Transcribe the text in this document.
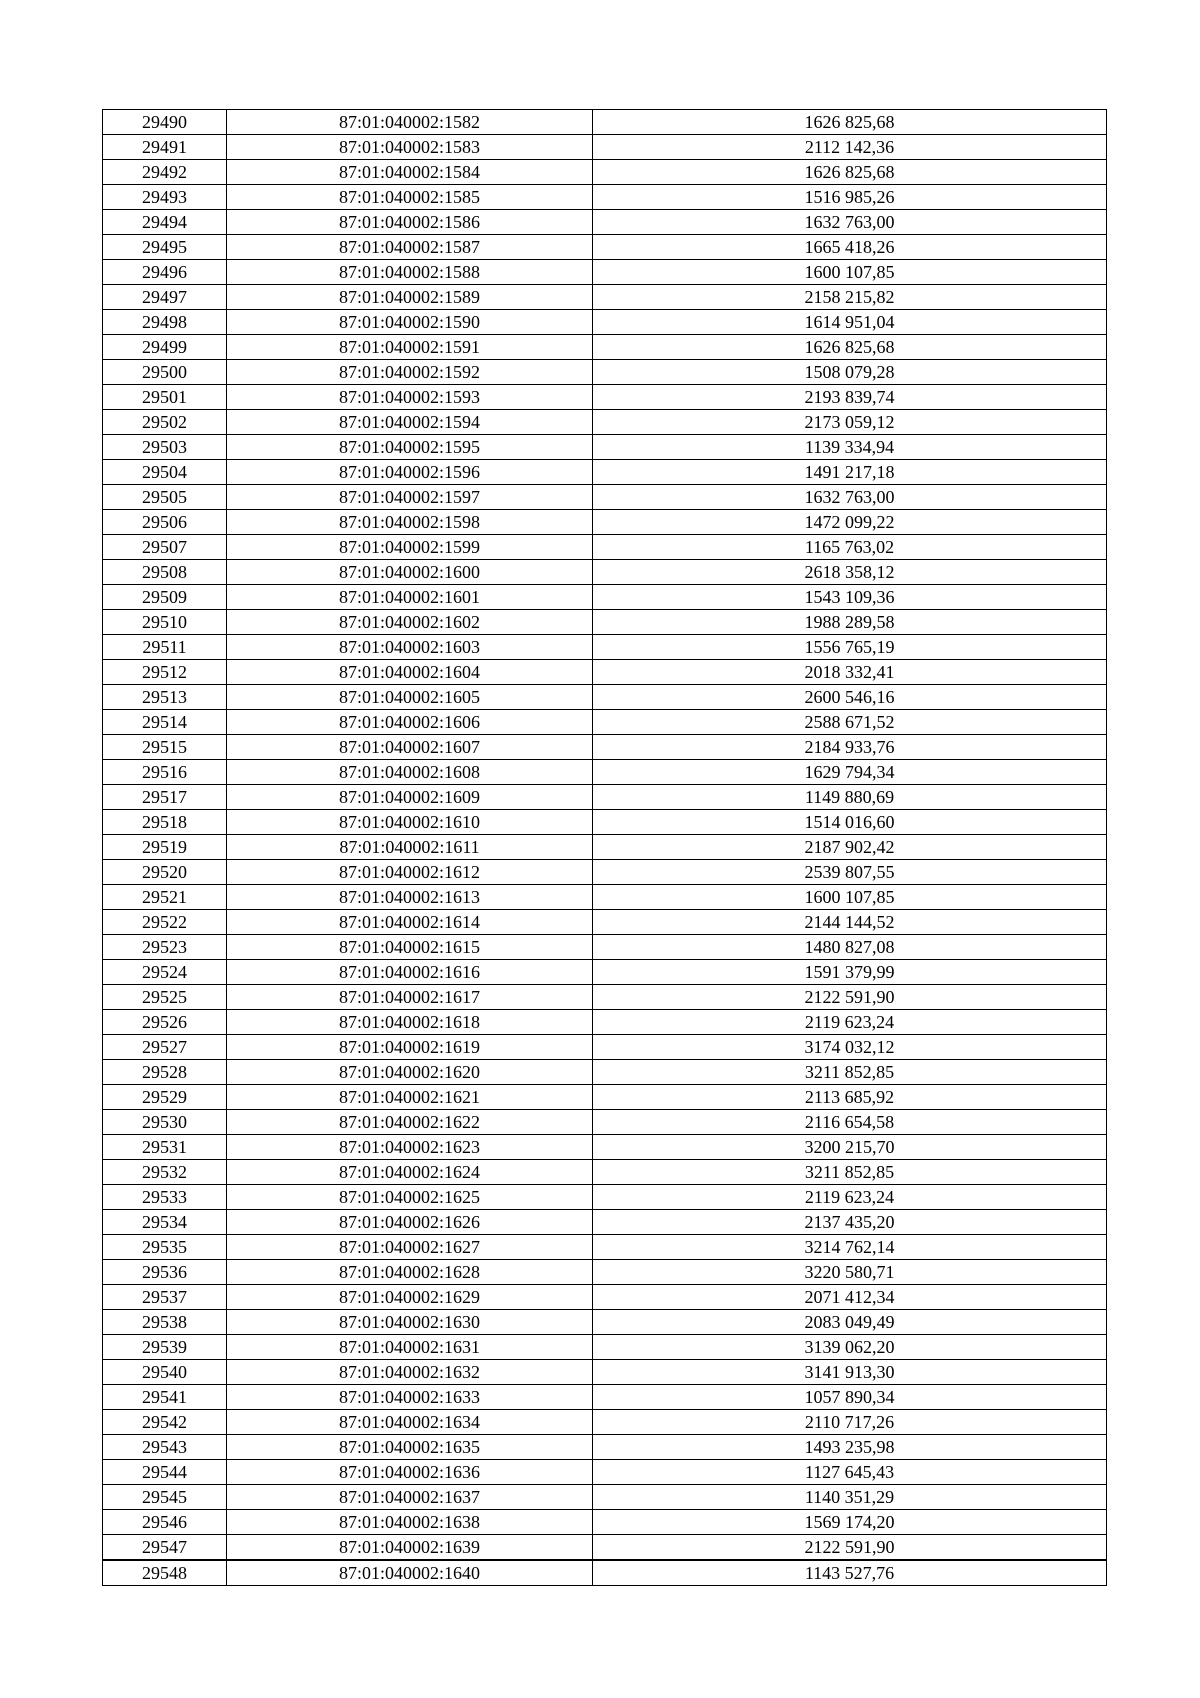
29490	87:01:040002:1582	1626 825,68
29491	87:01:040002:1583	2112 142,36
29492	87:01:040002:1584	1626 825,68
29493	87:01:040002:1585	1516 985,26
29494	87:01:040002:1586	1632 763,00
29495	87:01:040002:1587	1665 418,26
29496	87:01:040002:1588	1600 107,85
29497	87:01:040002:1589	2158 215,82
29498	87:01:040002:1590	1614 951,04
29499	87:01:040002:1591	1626 825,68
29500	87:01:040002:1592	1508 079,28
29501	87:01:040002:1593	2193 839,74
29502	87:01:040002:1594	2173 059,12
29503	87:01:040002:1595	1139 334,94
29504	87:01:040002:1596	1491 217,18
29505	87:01:040002:1597	1632 763,00
29506	87:01:040002:1598	1472 099,22
29507	87:01:040002:1599	1165 763,02
29508	87:01:040002:1600	2618 358,12
29509	87:01:040002:1601	1543 109,36
29510	87:01:040002:1602	1988 289,58
29511	87:01:040002:1603	1556 765,19
29512	87:01:040002:1604	2018 332,41
29513	87:01:040002:1605	2600 546,16
29514	87:01:040002:1606	2588 671,52
29515	87:01:040002:1607	2184 933,76
29516	87:01:040002:1608	1629 794,34
29517	87:01:040002:1609	1149 880,69
29518	87:01:040002:1610	1514 016,60
29519	87:01:040002:1611	2187 902,42
29520	87:01:040002:1612	2539 807,55
29521	87:01:040002:1613	1600 107,85
29522	87:01:040002:1614	2144 144,52
29523	87:01:040002:1615	1480 827,08
29524	87:01:040002:1616	1591 379,99
29525	87:01:040002:1617	2122 591,90
29526	87:01:040002:1618	2119 623,24
29527	87:01:040002:1619	3174 032,12
29528	87:01:040002:1620	3211 852,85
29529	87:01:040002:1621	2113 685,92
29530	87:01:040002:1622	2116 654,58
29531	87:01:040002:1623	3200 215,70
29532	87:01:040002:1624	3211 852,85
29533	87:01:040002:1625	2119 623,24
29534	87:01:040002:1626	2137 435,20
29535	87:01:040002:1627	3214 762,14
29536	87:01:040002:1628	3220 580,71
29537	87:01:040002:1629	2071 412,34
29538	87:01:040002:1630	2083 049,49
29539	87:01:040002:1631	3139 062,20
29540	87:01:040002:1632	3141 913,30
29541	87:01:040002:1633	1057 890,34
29542	87:01:040002:1634	2110 717,26
29543	87:01:040002:1635	1493 235,98
29544	87:01:040002:1636	1127 645,43
29545	87:01:040002:1637	1140 351,29
29546	87:01:040002:1638	1569 174,20
29547	87:01:040002:1639	2122 591,90
29548	87:01:040002:1640	1143 527,76
